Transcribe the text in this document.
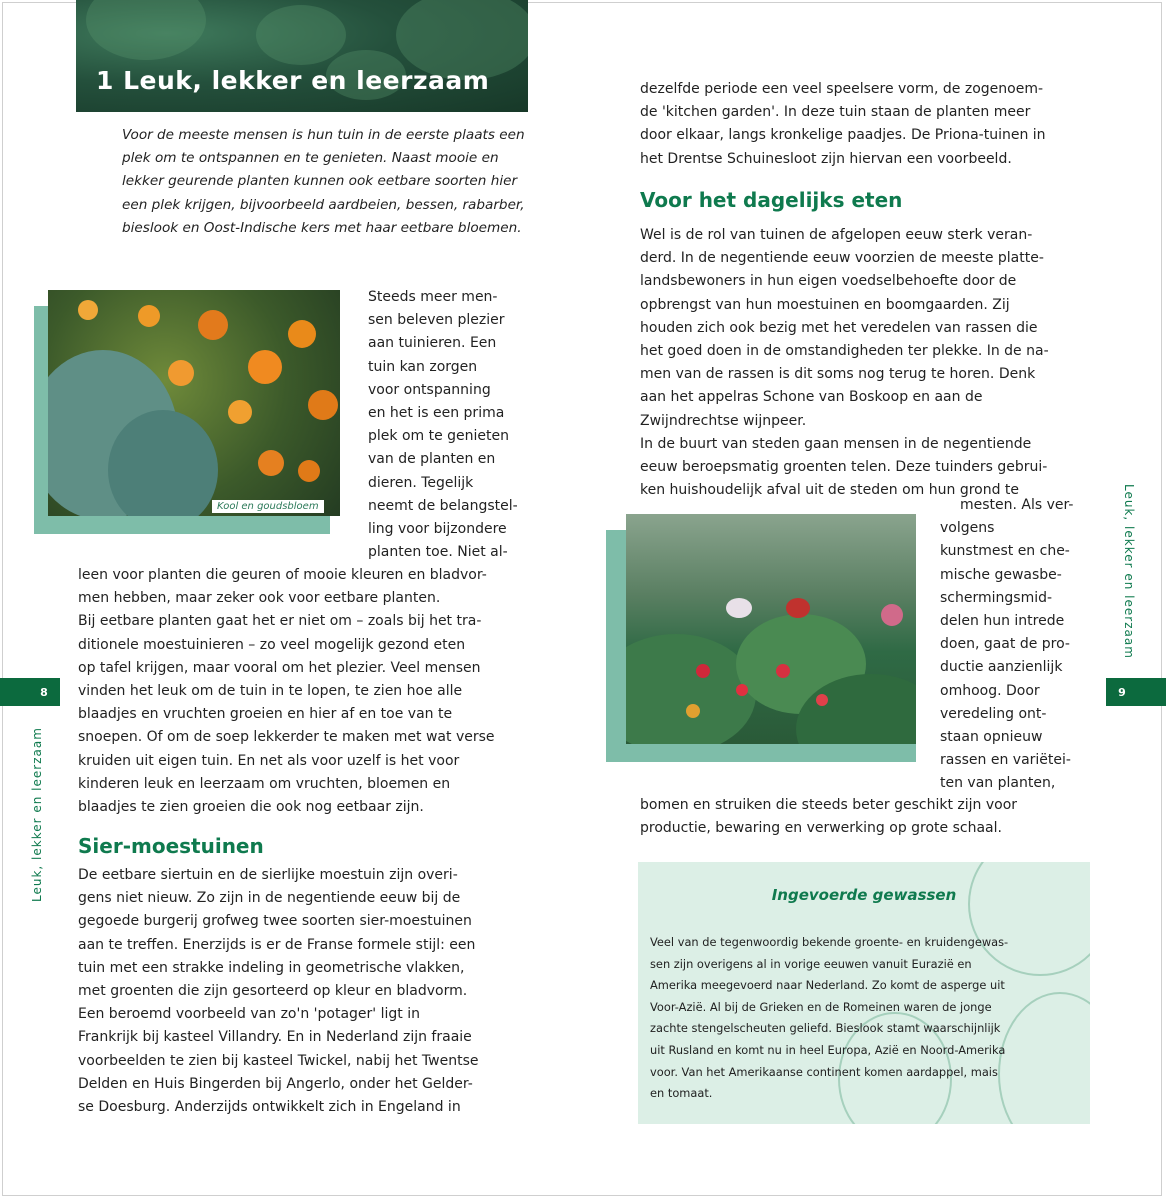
1 Leuk, lekker en leerzaam
Voor de meeste mensen is hun tuin in de eerste plaats een plek om te ontspannen en te genieten. Naast mooie en lekker geurende planten kunnen ook eetbare soorten hier een plek krijgen, bijvoorbeeld aardbeien, bessen, rabarber, bieslook en Oost-Indische kers met haar eetbare bloemen.
Kool en goudsbloem
Steeds meer men-
sen beleven plezier
aan tuinieren. Een
tuin kan zorgen
voor ontspanning
en het is een prima
plek om te genieten
van de planten en
dieren. Tegelijk
neemt de belangstel-
ling voor bijzondere
planten toe. Niet al-
leen voor planten die geuren of mooie kleuren en bladvor-
men hebben, maar zeker ook voor eetbare planten.
Bij eetbare planten gaat het er niet om – zoals bij het tra-
ditionele moestuinieren – zo veel mogelijk gezond eten
op tafel krijgen, maar vooral om het plezier. Veel mensen
vinden het leuk om de tuin in te lopen, te zien hoe alle
blaadjes en vruchten groeien en hier af en toe van te
snoepen. Of om de soep lekkerder te maken met wat verse
kruiden uit eigen tuin. En net als voor uzelf is het voor
kinderen leuk en leerzaam om vruchten, bloemen en
blaadjes te zien groeien die ook nog eetbaar zijn.
Sier-moestuinen
De eetbare siertuin en de sierlijke moestuin zijn overi-
gens niet nieuw. Zo zijn in de negentiende eeuw bij de
gegoede burgerij grofweg twee soorten sier-moestuinen
aan te treffen. Enerzijds is er de Franse formele stijl: een
tuin met een strakke indeling in geometrische vlakken,
met groenten die zijn gesorteerd op kleur en bladvorm.
Een beroemd voorbeeld van zo'n 'potager' ligt in
Frankrijk bij kasteel Villandry. En in Nederland zijn fraaie
voorbeelden te zien bij kasteel Twickel, nabij het Twentse
Delden en Huis Bingerden bij Angerlo, onder het Gelder-
se Doesburg. Anderzijds ontwikkelt zich in Engeland in
8
Leuk, lekker en leerzaam
dezelfde periode een veel speelsere vorm, de zogenoem-
de 'kitchen garden'. In deze tuin staan de planten meer
door elkaar, langs kronkelige paadjes. De Priona-tuinen in
het Drentse Schuinesloot zijn hiervan een voorbeeld.
Voor het dagelijks eten
Wel is de rol van tuinen de afgelopen eeuw sterk veran-
derd. In de negentiende eeuw voorzien de meeste platte-
landsbewoners in hun eigen voedselbehoefte door de
opbrengst van hun moestuinen en boomgaarden. Zij
houden zich ook bezig met het veredelen van rassen die
het goed doen in de omstandigheden ter plekke. In de na-
men van de rassen is dit soms nog terug te horen. Denk
aan het appelras Schone van Boskoop en aan de
Zwijndrechtse wijnpeer.
In de buurt van steden gaan mensen in de negentiende
eeuw beroepsmatig groenten telen. Deze tuinders gebrui-
ken huishoudelijk afval uit de steden om hun grond te
mesten. Als ver-
volgens
kunstmest en che-
mische gewasbe-
schermingsmid-
delen hun intrede
doen, gaat de pro-
ductie aanzienlijk
omhoog. Door
veredeling ont-
staan opnieuw
rassen en variëtei-
ten van planten,
bomen en struiken die steeds beter geschikt zijn voor
productie, bewaring en verwerking op grote schaal.
Ingevoerde gewassen
Veel van de tegenwoordig bekende groente- en kruidengewas-
sen zijn overigens al in vorige eeuwen vanuit Eurazië en
Amerika meegevoerd naar Nederland. Zo komt de asperge uit
Voor-Azië. Al bij de Grieken en de Romeinen waren de jonge
zachte stengelscheuten geliefd. Bieslook stamt waarschijnlijk
uit Rusland en komt nu in heel Europa, Azië en Noord-Amerika
voor. Van het Amerikaanse continent komen aardappel, mais
en tomaat.
9
Leuk, lekker en leerzaam
